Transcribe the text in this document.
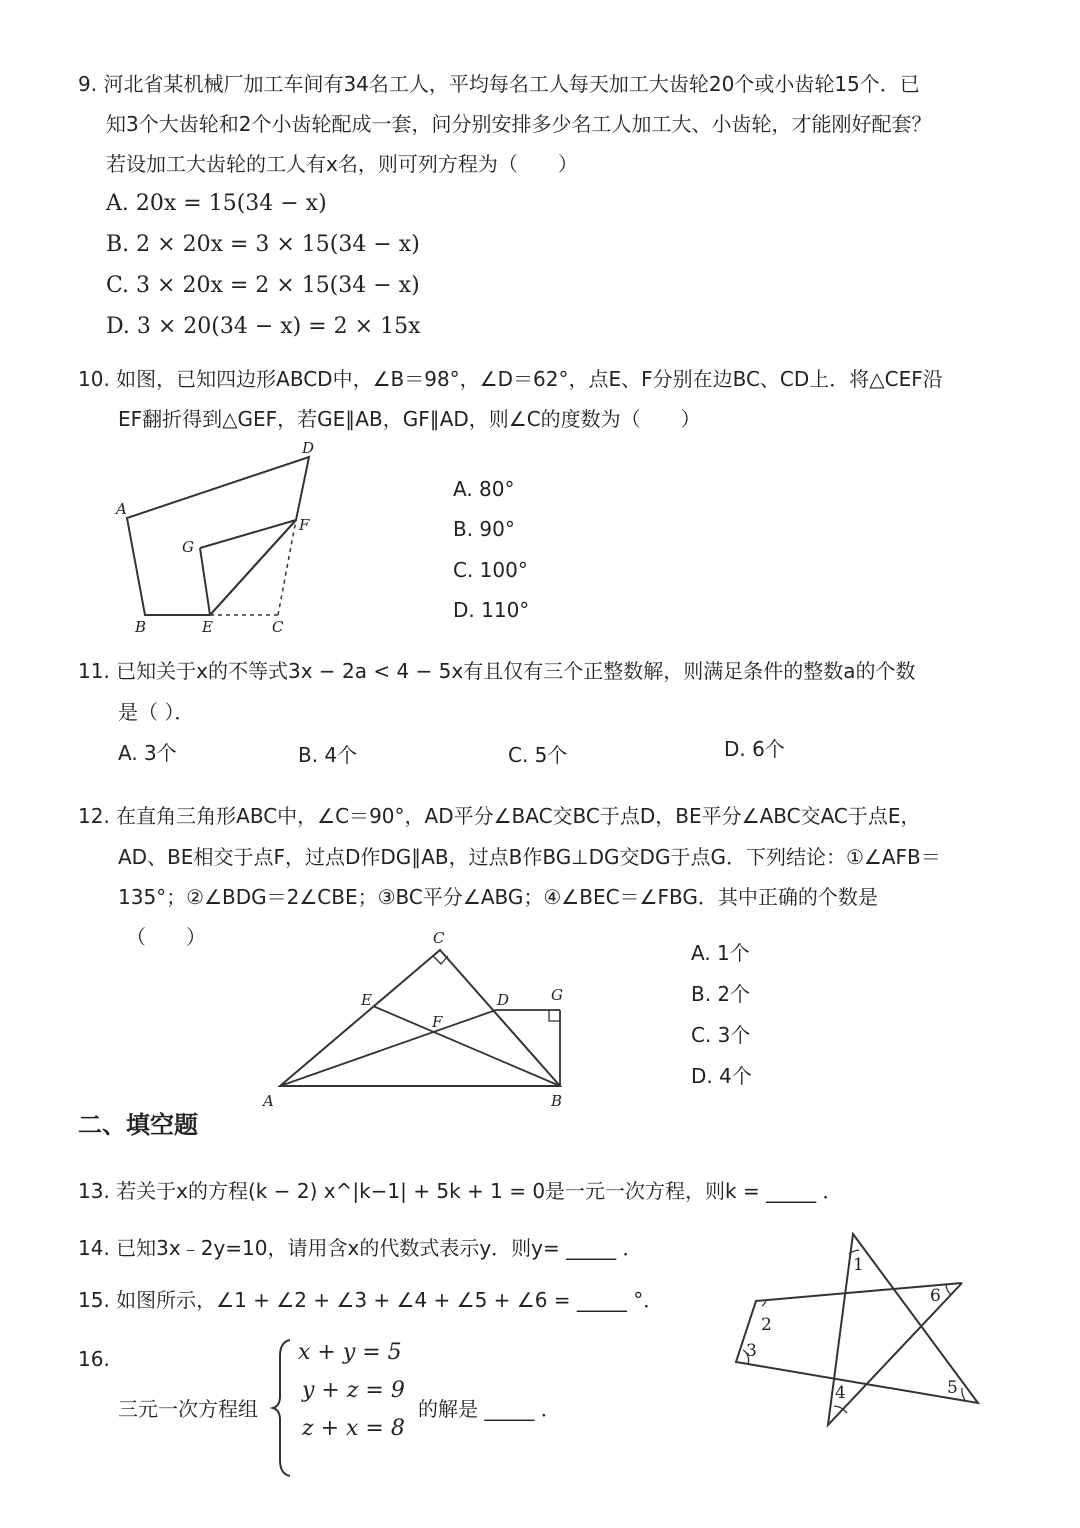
9. 河北省某机械厂加工车间有34名工人，平均每名工人每天加工大齿轮20个或小齿轮15个．已
知3个大齿轮和2个小齿轮配成一套，问分别安排多少名工人加工大、小齿轮，才能刚好配套？
若设加工大齿轮的工人有x名，则可列方程为（　　）
A. 20x = 15(34 − x)
B. 2 × 20x = 3 × 15(34 − x)
C. 3 × 20x = 2 × 15(34 − x)
D. 3 × 20(34 − x) = 2 × 15x
10. 如图，已知四边形ABCD中，∠B＝98°，∠D＝62°，点E、F分别在边BC、CD上．将△CEF沿
EF翻折得到△GEF，若GE∥AB，GF∥AD，则∠C的度数为（　　）
A
D
F
G
B	E	C
A. 80°
B. 90°
C. 100°
D. 110°
11. 已知关于x的不等式3x − 2a < 4 − 5x有且仅有三个正整数解，则满足条件的整数a的个数
是（ ）．
A. 3个	B. 4个	C. 5个	D. 6个
12. 在直角三角形ABC中，∠C＝90°，AD平分∠BAC交BC于点D，BE平分∠ABC交AC于点E，
AD、BE相交于点F，过点D作DG∥AB，过点B作BG⊥DG交DG于点G．下列结论：①∠AFB＝
135°；②∠BDG＝2∠CBE；③BC平分∠ABG；④∠BEC＝∠FBG．其中正确的个数是
（　　）	C
E
F
D	G
A	B
A. 1个
B. 2个
C. 3个
D. 4个
二、填空题
13. 若关于x的方程(k − 2) x^|k−1| + 5k + 1 = 0是一元一次方程，则k = _____ ．
14. 已知3x﹣2y=10，请用含x的代数式表示y．则y= _____ ．
15. 如图所示，∠1 + ∠2 + ∠3 + ∠4 + ∠5 + ∠6 = _____ °．
1
2
3
4	5
6
16.
三元一次方程组
x + y = 5
y + z = 9
z + x = 8
的解是 _____ ．
